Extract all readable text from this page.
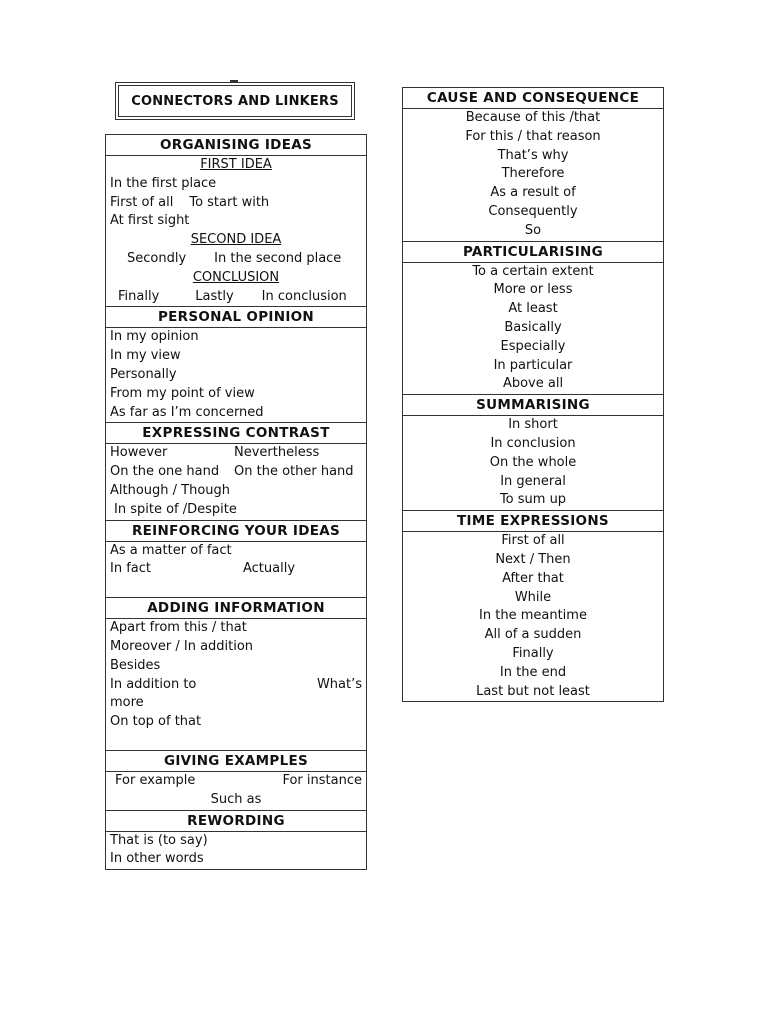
CONNECTORS AND LINKERS
ORGANISING IDEAS

FIRST IDEA
In the first place
First of all To start with
At first sight
SECOND IDEA
Secondly In the second place
CONCLUSION
Finally	Lastly In conclusion

PERSONAL OPINION

In my opinion
In my view
Personally
From my point of view
As far as I’m concerned

EXPRESSING CONTRAST

However	Nevertheless
On the one hand On the other hand
Although / Though
In spite of /Despite

REINFORCING YOUR IDEAS

As a matter of fact
In fact	Actually

ADDING INFORMATION

Apart from this / that
Moreover / In addition
Besides
In addition to	What’s
more
On top of that

GIVING EXAMPLES

For example	For instance
Such as

REWORDING

That is (to say)
In other words
CAUSE AND CONSEQUENCE

Because of this /that
For this / that reason
That’s why
Therefore
As a result of
Consequently
So

PARTICULARISING

To a certain extent
More or less
At least
Basically
Especially
In particular
Above all

SUMMARISING

In short
In conclusion
On the whole
In general
To sum up

TIME EXPRESSIONS

First of all
Next / Then
After that
While
In the meantime
All of a sudden
Finally
In the end
Last but not least
